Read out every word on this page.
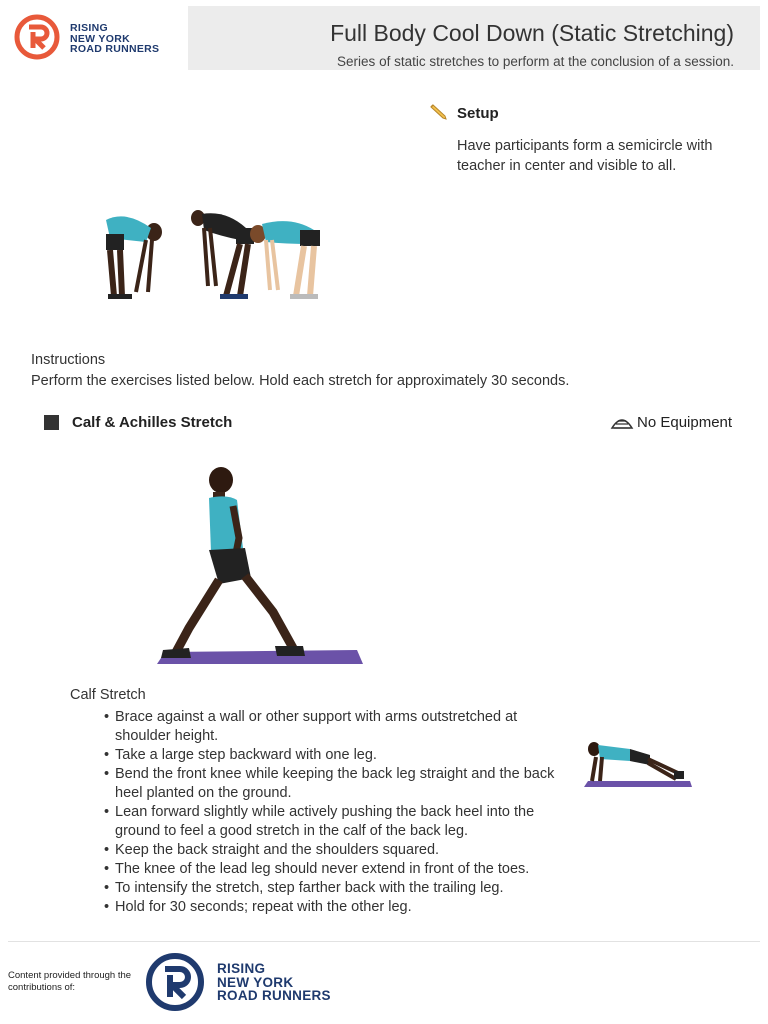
RISING
NEW YORK
ROAD RUNNERS
Full Body Cool Down (Static Stretching)
Series of static stretches to perform at the conclusion of a session.
Setup
Have participants form a semicircle with teacher in center and visible to all.
Instructions
Perform the exercises listed below. Hold each stretch for approximately 30 seconds.
Calf & Achilles Stretch	No Equipment
Calf Stretch
• Brace against a wall or other support with arms outstretched at shoulder height.
• Take a large step backward with one leg.
• Bend the front knee while keeping the back leg straight and the back heel planted on the ground.
• Lean forward slightly while actively pushing the back heel into the ground to feel a good stretch in the calf of the back leg.
• Keep the back straight and the shoulders squared.
• The knee of the lead leg should never extend in front of the toes.
• To intensify the stretch, step farther back with the trailing leg.
• Hold for 30 seconds; repeat with the other leg.
Content provided through the contributions of:
RISING
NEW YORK
ROAD RUNNERS
